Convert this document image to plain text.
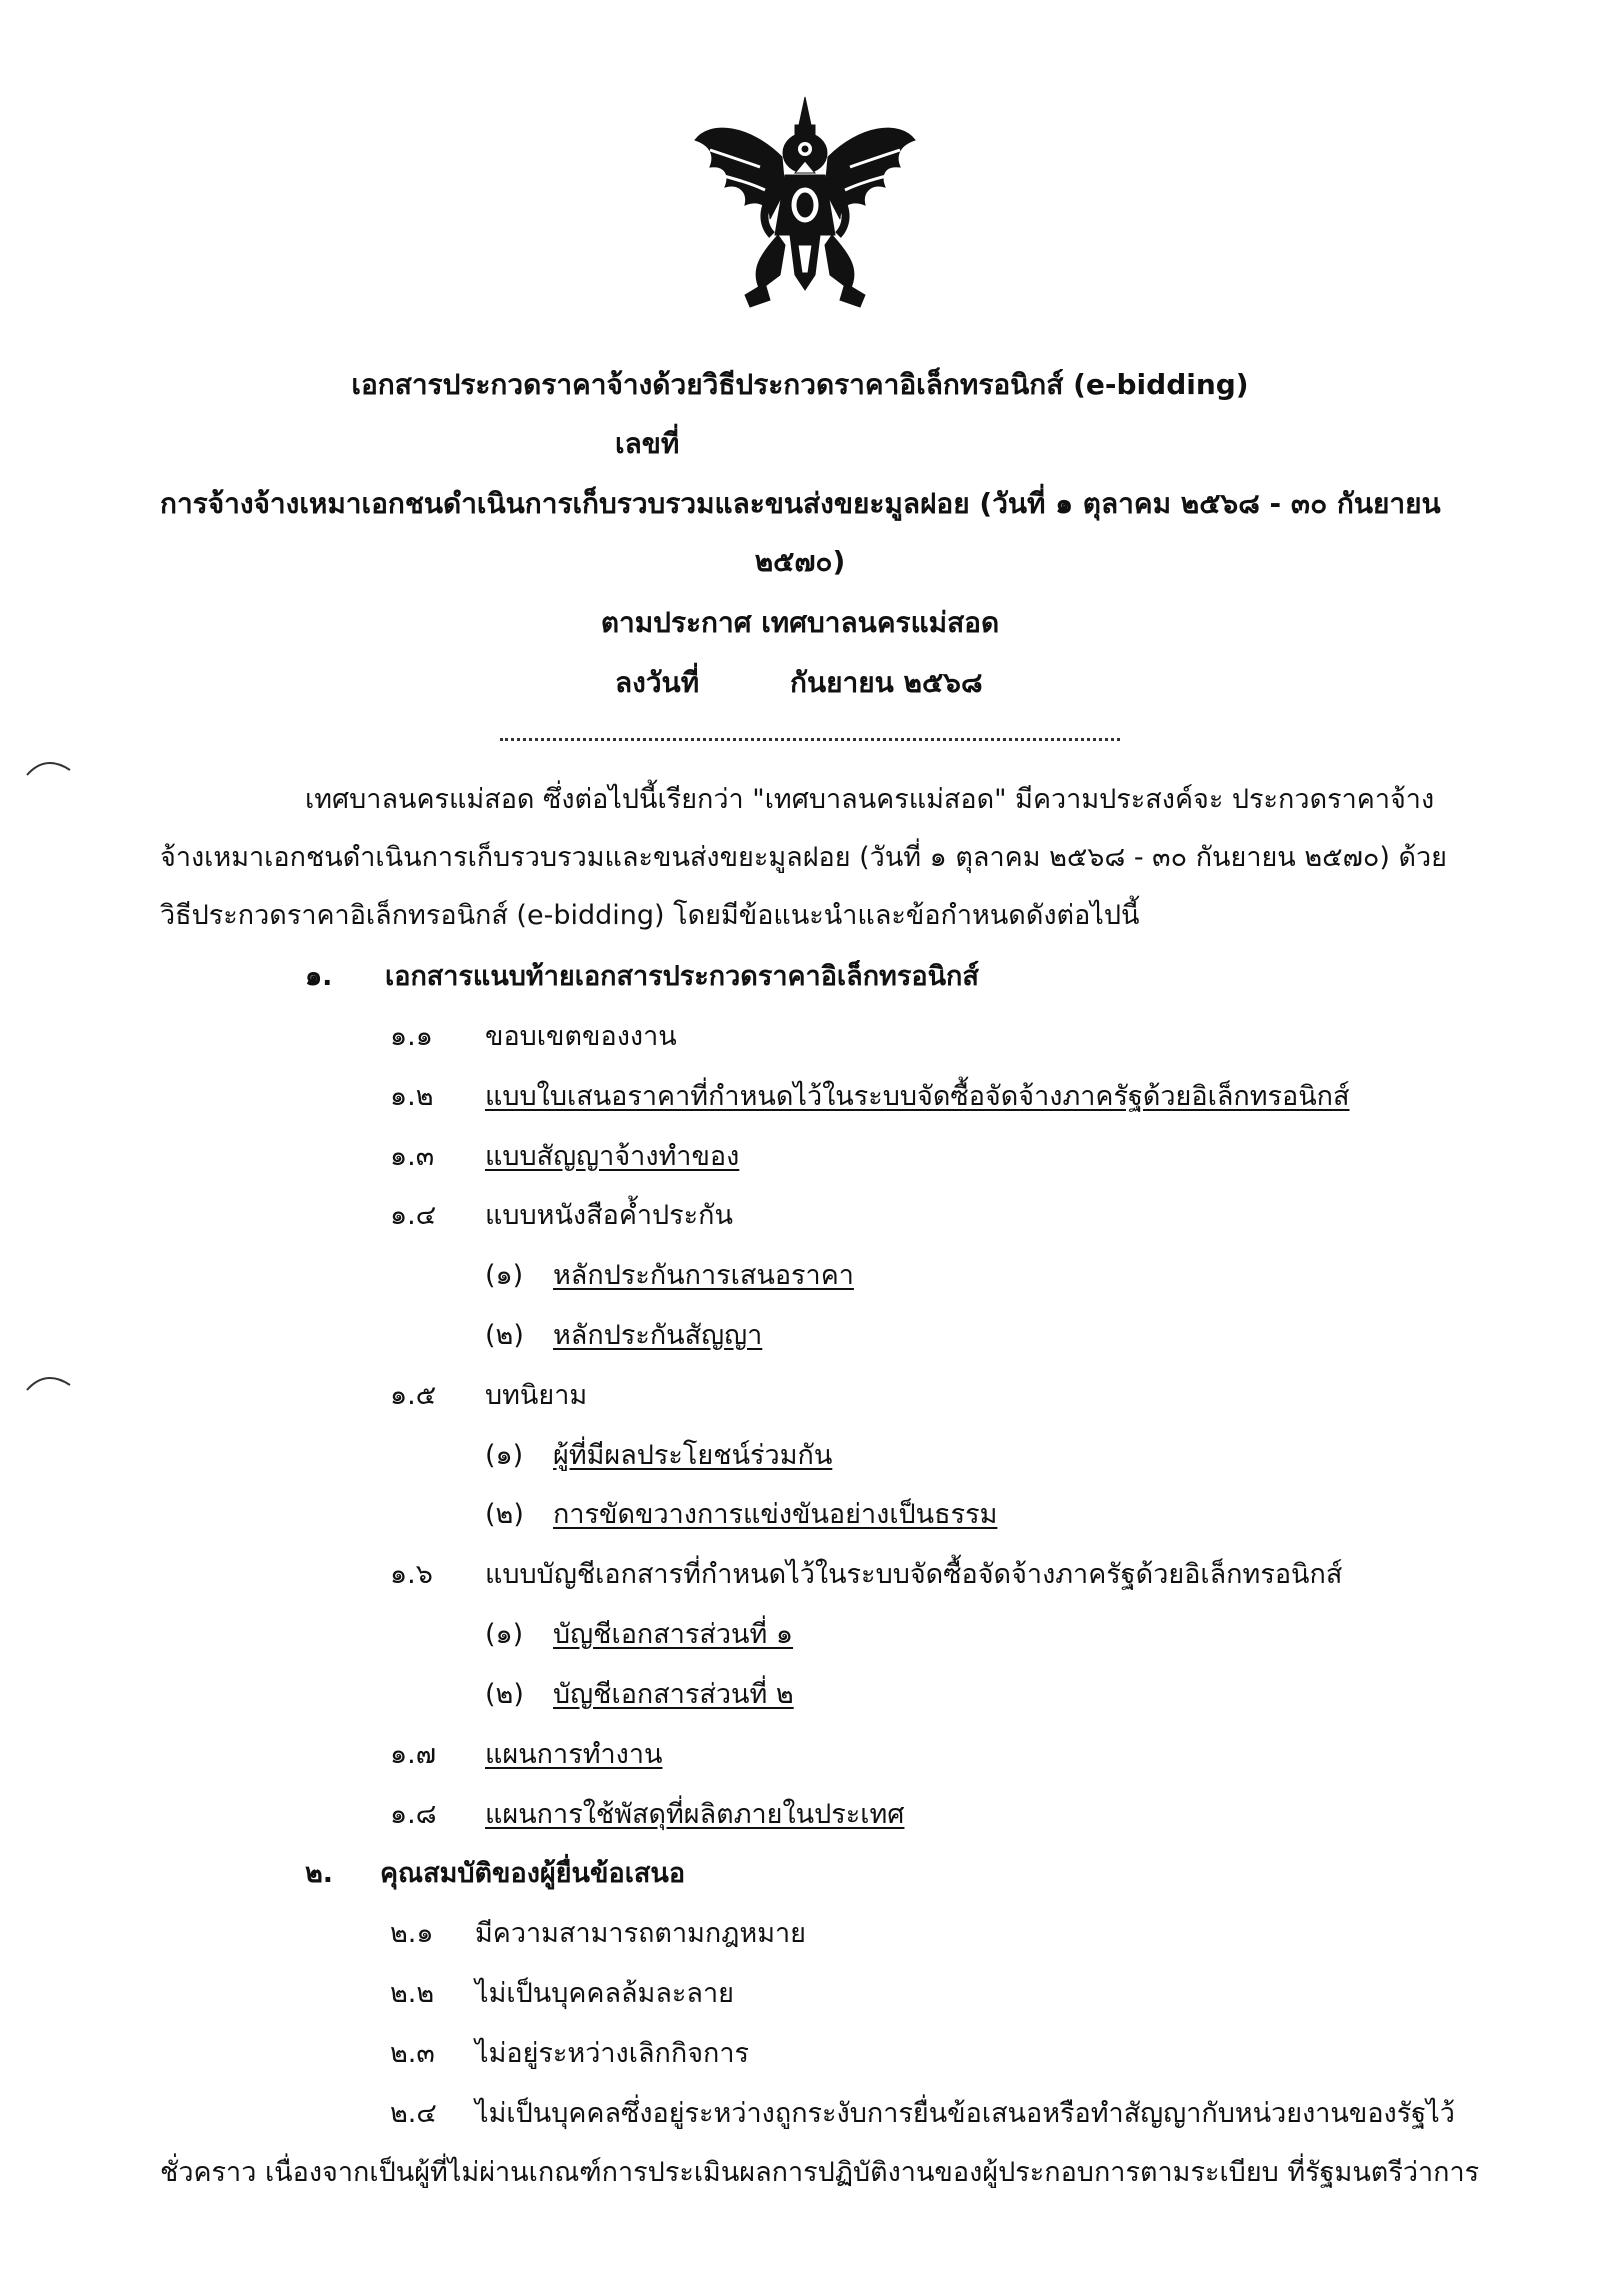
เอกสารประกวดราคาจ้างด้วยวิธีประกวดราคาอิเล็กทรอนิกส์ (e-bidding)
เลขที่
การจ้างจ้างเหมาเอกชนดำเนินการเก็บรวบรวมและขนส่งขยะมูลฝอย (วันที่ ๑ ตุลาคม ๒๕๖๘ - ๓๐ กันยายน
๒๕๗๐)
ตามประกาศ เทศบาลนครแม่สอด
ลงวันที่	กันยายน ๒๕๖๘
เทศบาลนครแม่สอด ซึ่งต่อไปนี้เรียกว่า "เทศบาลนครแม่สอด" มีความประสงค์จะ ประกวดราคาจ้าง
จ้างเหมาเอกชนดำเนินการเก็บรวบรวมและขนส่งขยะมูลฝอย (วันที่ ๑ ตุลาคม ๒๕๖๘ - ๓๐ กันยายน ๒๕๗๐) ด้วย
วิธีประกวดราคาอิเล็กทรอนิกส์ (e-bidding) โดยมีข้อแนะนำและข้อกำหนดดังต่อไปนี้
๑. เอกสารแนบท้ายเอกสารประกวดราคาอิเล็กทรอนิกส์
๑.๑ ขอบเขตของงาน
๑.๒ แบบใบเสนอราคาที่กำหนดไว้ในระบบจัดซื้อจัดจ้างภาครัฐด้วยอิเล็กทรอนิกส์
๑.๓ แบบสัญญาจ้างทำของ
๑.๔ แบบหนังสือค้ำประกัน
(๑) หลักประกันการเสนอราคา
(๒) หลักประกันสัญญา
๑.๕ บทนิยาม
(๑) ผู้ที่มีผลประโยชน์ร่วมกัน
(๒) การขัดขวางการแข่งขันอย่างเป็นธรรม
๑.๖ แบบบัญชีเอกสารที่กำหนดไว้ในระบบจัดซื้อจัดจ้างภาครัฐด้วยอิเล็กทรอนิกส์
(๑) บัญชีเอกสารส่วนที่ ๑
(๒) บัญชีเอกสารส่วนที่ ๒
๑.๗ แผนการทำงาน
๑.๘ แผนการใช้พัสดุที่ผลิตภายในประเทศ
๒. คุณสมบัติของผู้ยื่นข้อเสนอ
๒.๑ มีความสามารถตามกฎหมาย
๒.๒ ไม่เป็นบุคคลล้มละลาย
๒.๓ ไม่อยู่ระหว่างเลิกกิจการ
๒.๔ ไม่เป็นบุคคลซึ่งอยู่ระหว่างถูกระงับการยื่นข้อเสนอหรือทำสัญญากับหน่วยงานของรัฐไว้
ชั่วคราว เนื่องจากเป็นผู้ที่ไม่ผ่านเกณฑ์การประเมินผลการปฏิบัติงานของผู้ประกอบการตามระเบียบ ที่รัฐมนตรีว่าการ
